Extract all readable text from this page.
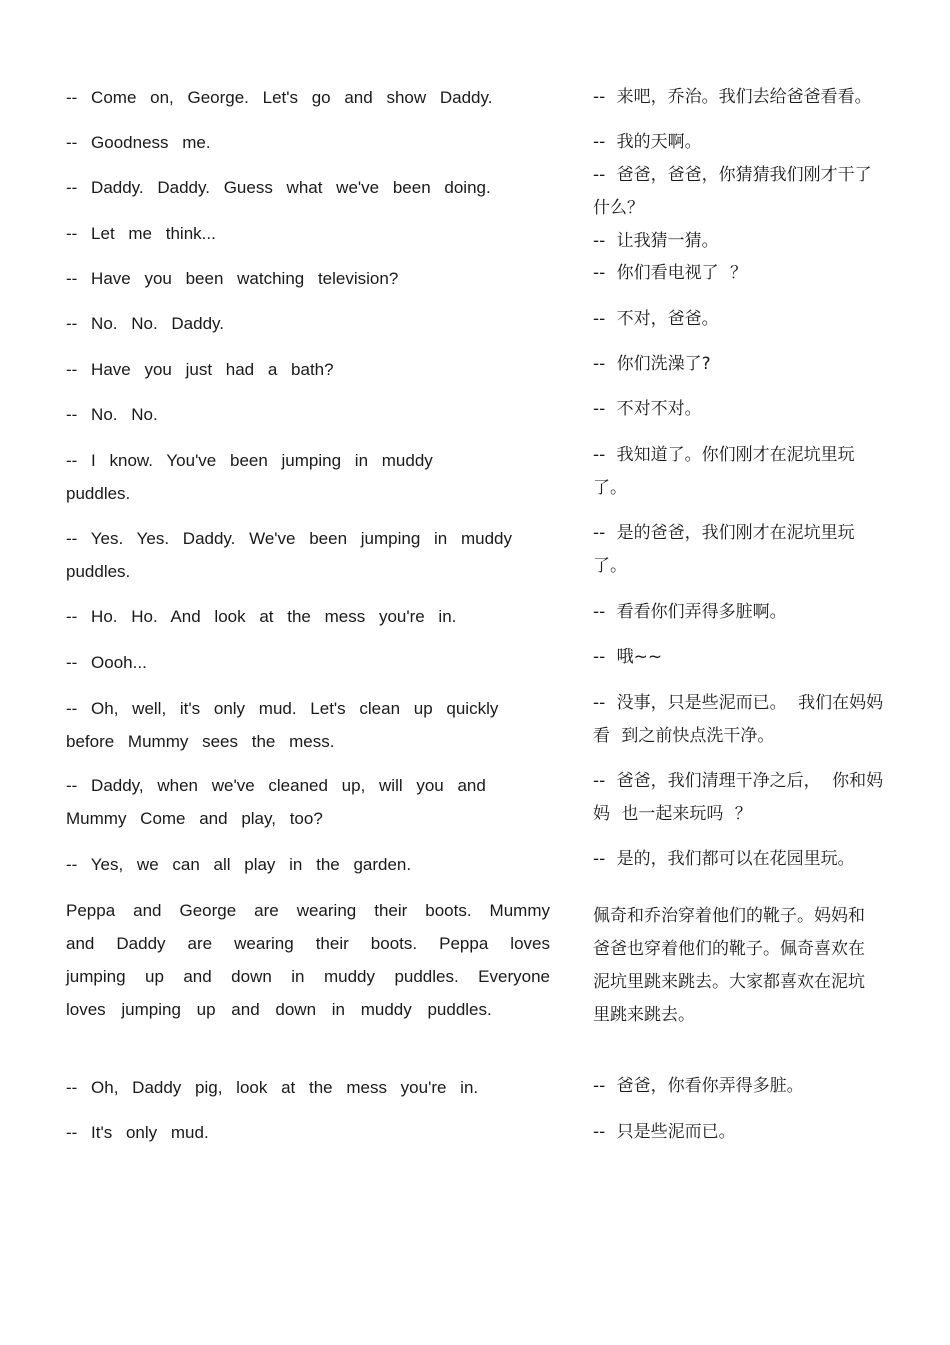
-- Come on, George. Let's go and show Daddy.
-- Goodness me.
-- Daddy. Daddy. Guess what we've been doing.
-- Let me think...
-- Have you been watching television?
-- No. No. Daddy.
-- Have you just had a bath?
-- No. No.
-- I know. You've been jumping in muddy puddles.
-- Yes. Yes. Daddy. We've been jumping in muddy puddles.
-- Ho. Ho. And look at the mess you're in.
-- Oooh...
-- Oh, well, it's only mud. Let's clean up quickly before Mummy sees the mess.
-- Daddy, when we've cleaned up, will you and Mummy Come and play, too?
-- Yes, we can all play in the garden.
Peppa and George are wearing their boots. Mummy and Daddy are wearing their boots. Peppa loves jumping up and down in muddy puddles. Everyone loves jumping up and down in muddy puddles.
-- Oh, Daddy pig, look at the mess you're in.
-- It's only mud.
-- 来吧，乔治。我们去给爸爸看看。
-- 我的天啊。
-- 爸爸，爸爸，你猜猜我们刚才干了什么？
-- 让我猜一猜。
-- 你们看电视了 ？
-- 不对，爸爸。
-- 你们洗澡了?
-- 不对不对。
-- 我知道了。你们刚才在泥坑里玩了。
-- 是的爸爸，我们刚才在泥坑里玩了。
-- 看看你们弄得多脏啊。
-- 哦~~
-- 没事，只是些泥而已。 我们在妈妈看 到之前快点洗干净。
-- 爸爸，我们清理干净之后， 你和妈妈 也一起来玩吗 ？
-- 是的，我们都可以在花园里玩。
佩奇和乔治穿着他们的靴子。妈妈和爸爸也穿着他们的靴子。佩奇喜欢在泥坑里跳来跳去。大家都喜欢在泥坑里跳来跳去。
-- 爸爸，你看你弄得多脏。
-- 只是些泥而已。
